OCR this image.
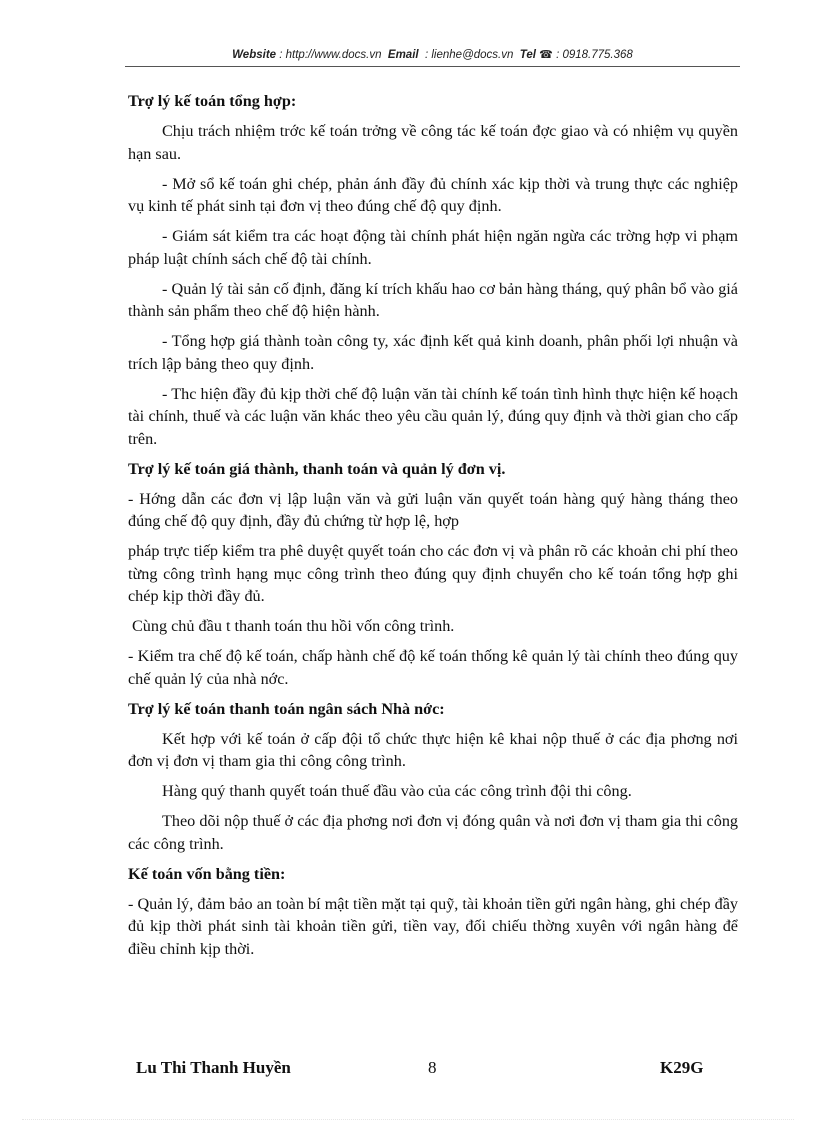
Website : http://www.docs.vn Email : lienhe@docs.vn Tel ☎ : 0918.775.368
Trợ lý kế toán tổng hợp:

Chịu trách nhiệm trớc kế toán trởng về công tác kế toán đợc giao và có nhiệm vụ quyền hạn sau.

- Mở sổ kế toán ghi chép, phản ánh đầy đủ chính xác kịp thời và trung thực các nghiệp vụ kinh tế phát sinh tại đơn vị theo đúng chế độ quy định.

- Giám sát kiểm tra các hoạt động tài chính phát hiện ngăn ngừa các trờng hợp vi phạm pháp luật chính sách chế độ tài chính.

- Quản lý tài sản cố định, đăng kí trích khấu hao cơ bản hàng tháng, quý phân bổ vào giá thành sản phẩm theo chế độ hiện hành.

- Tổng hợp giá thành toàn công ty, xác định kết quả kinh doanh, phân phối lợi nhuận và trích lập bảng theo quy định.

- Thc hiện đầy đủ kịp thời chế độ luận văn tài chính kế toán tình hình thực hiện kế hoạch tài chính, thuế và các luận văn khác theo yêu cầu quản lý, đúng quy định và thời gian cho cấp trên.

Trợ lý kế toán giá thành, thanh toán và quản lý đơn vị.

- Hớng dẫn các đơn vị lập luận văn và gửi luận văn quyết toán hàng quý hàng tháng theo đúng chế độ quy định, đầy đủ chứng từ hợp lệ, hợp

pháp trực tiếp kiểm tra phê duyệt quyết toán cho các đơn vị và phân rõ các khoản chi phí theo từng công trình hạng mục công trình theo đúng quy định chuyển cho kế toán tổng hợp ghi chép kịp thời đầy đủ.

Cùng chủ đầu t thanh toán thu hồi vốn công trình.

- Kiểm tra chế độ kế toán, chấp hành chế độ kế toán thống kê quản lý tài chính theo đúng quy chế quản lý của nhà nớc.

Trợ lý kế toán thanh toán ngân sách Nhà nớc:

Kết hợp với kế toán ở cấp đội tổ chức thực hiện kê khai nộp thuế ở các địa phơng nơi đơn vị đơn vị tham gia thi công công trình.

Hàng quý thanh quyết toán thuế đầu vào của các công trình đội thi công.

Theo dõi nộp thuế ở các địa phơng nơi đơn vị đóng quân và nơi đơn vị tham gia thi công các công trình.

Kế toán vốn bằng tiền:

- Quản lý, đảm bảo an toàn bí mật tiền mặt tại quỹ, tài khoản tiền gửi ngân hàng, ghi chép đầy đủ kịp thời phát sinh tài khoản tiền gửi, tiền vay, đối chiếu thờng xuyên với ngân hàng để điều chỉnh kịp thời.

Lu Thi Thanh Huyền	8	K29G
